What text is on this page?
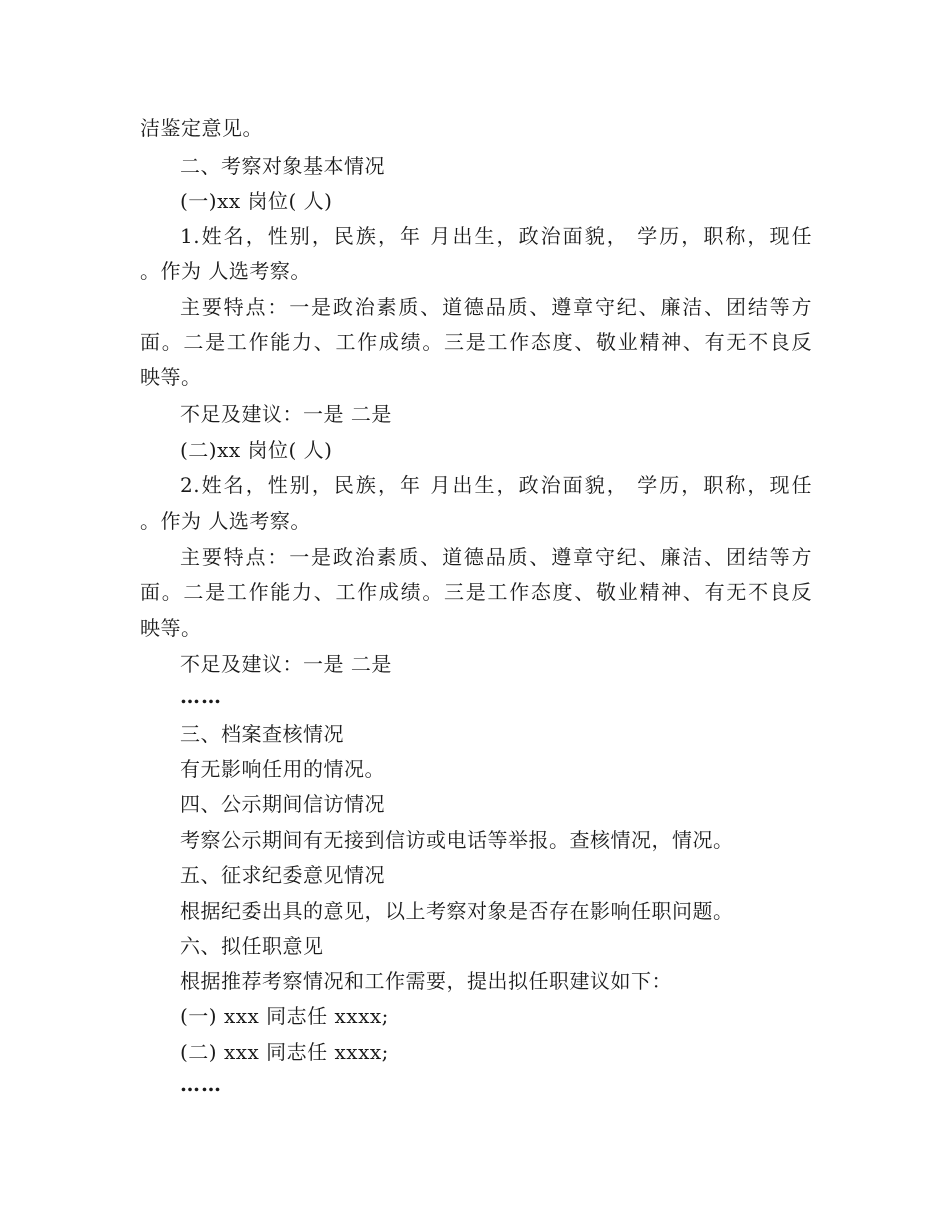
洁鉴定意见。
二、考察对象基本情况
(一)xx 岗位( 人)
1.姓名，性别，民族，年 月出生，政治面貌， 学历，职称，现任
。作为 人选考察。
主要特点：一是政治素质、道德品质、遵章守纪、廉洁、团结等方
面。二是工作能力、工作成绩。三是工作态度、敬业精神、有无不良反
映等。
不足及建议：一是 二是
(二)xx 岗位( 人)
2.姓名，性别，民族，年 月出生，政治面貌， 学历，职称，现任
。作为 人选考察。
主要特点：一是政治素质、道德品质、遵章守纪、廉洁、团结等方
面。二是工作能力、工作成绩。三是工作态度、敬业精神、有无不良反
映等。
不足及建议：一是 二是
……
三、档案查核情况
有无影响任用的情况。
四、公示期间信访情况
考察公示期间有无接到信访或电话等举报。查核情况，情况。
五、征求纪委意见情况
根据纪委出具的意见，以上考察对象是否存在影响任职问题。
六、拟任职意见
根据推荐考察情况和工作需要，提出拟任职建议如下：
(一) xxx 同志任 xxxx;
(二) xxx 同志任 xxxx;
……
